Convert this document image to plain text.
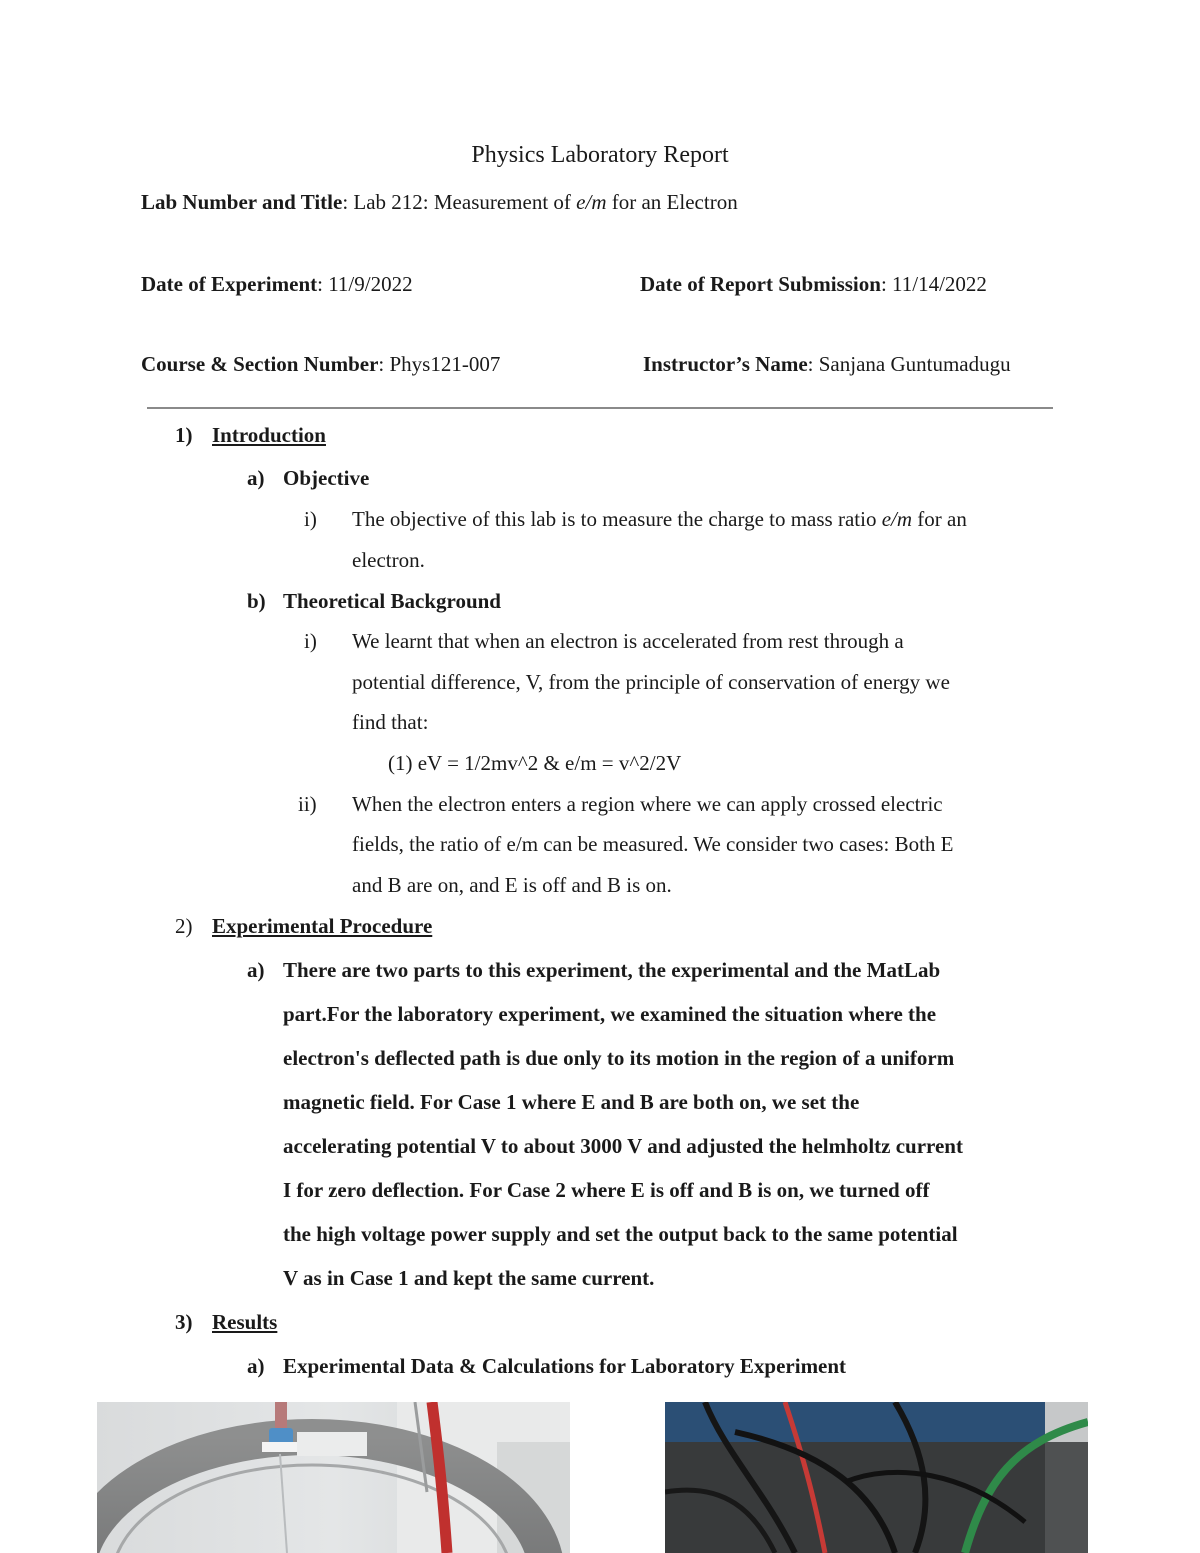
Physics Laboratory Report
Lab Number and Title: Lab 212: Measurement of e/m for an Electron
Date of Experiment: 11/9/2022	Date of Report Submission: 11/14/2022
Course & Section Number: Phys121-007	Instructor’s Name: Sanjana Guntumadugu
1) Introduction
a) Objective
i) The objective of this lab is to measure the charge to mass ratio e/m for an
electron.
b) Theoretical Background
i) We learnt that when an electron is accelerated from rest through a
potential difference, V, from the principle of conservation of energy we
find that:
(1) eV = 1/2mv^2 & e/m = v^2/2V
ii) When the electron enters a region where we can apply crossed electric
fields, the ratio of e/m can be measured. We consider two cases: Both E
and B are on, and E is off and B is on.
2) Experimental Procedure
a) There are two parts to this experiment, the experimental and the MatLab
part.For the laboratory experiment, we examined the situation where the
electron's deflected path is due only to its motion in the region of a uniform
magnetic field. For Case 1 where E and B are both on, we set the
accelerating potential V to about 3000 V and adjusted the helmholtz current
I for zero deflection. For Case 2 where E is off and B is on, we turned off
the high voltage power supply and set the output back to the same potential
V as in Case 1 and kept the same current.
3) Results
a) Experimental Data & Calculations for Laboratory Experiment
